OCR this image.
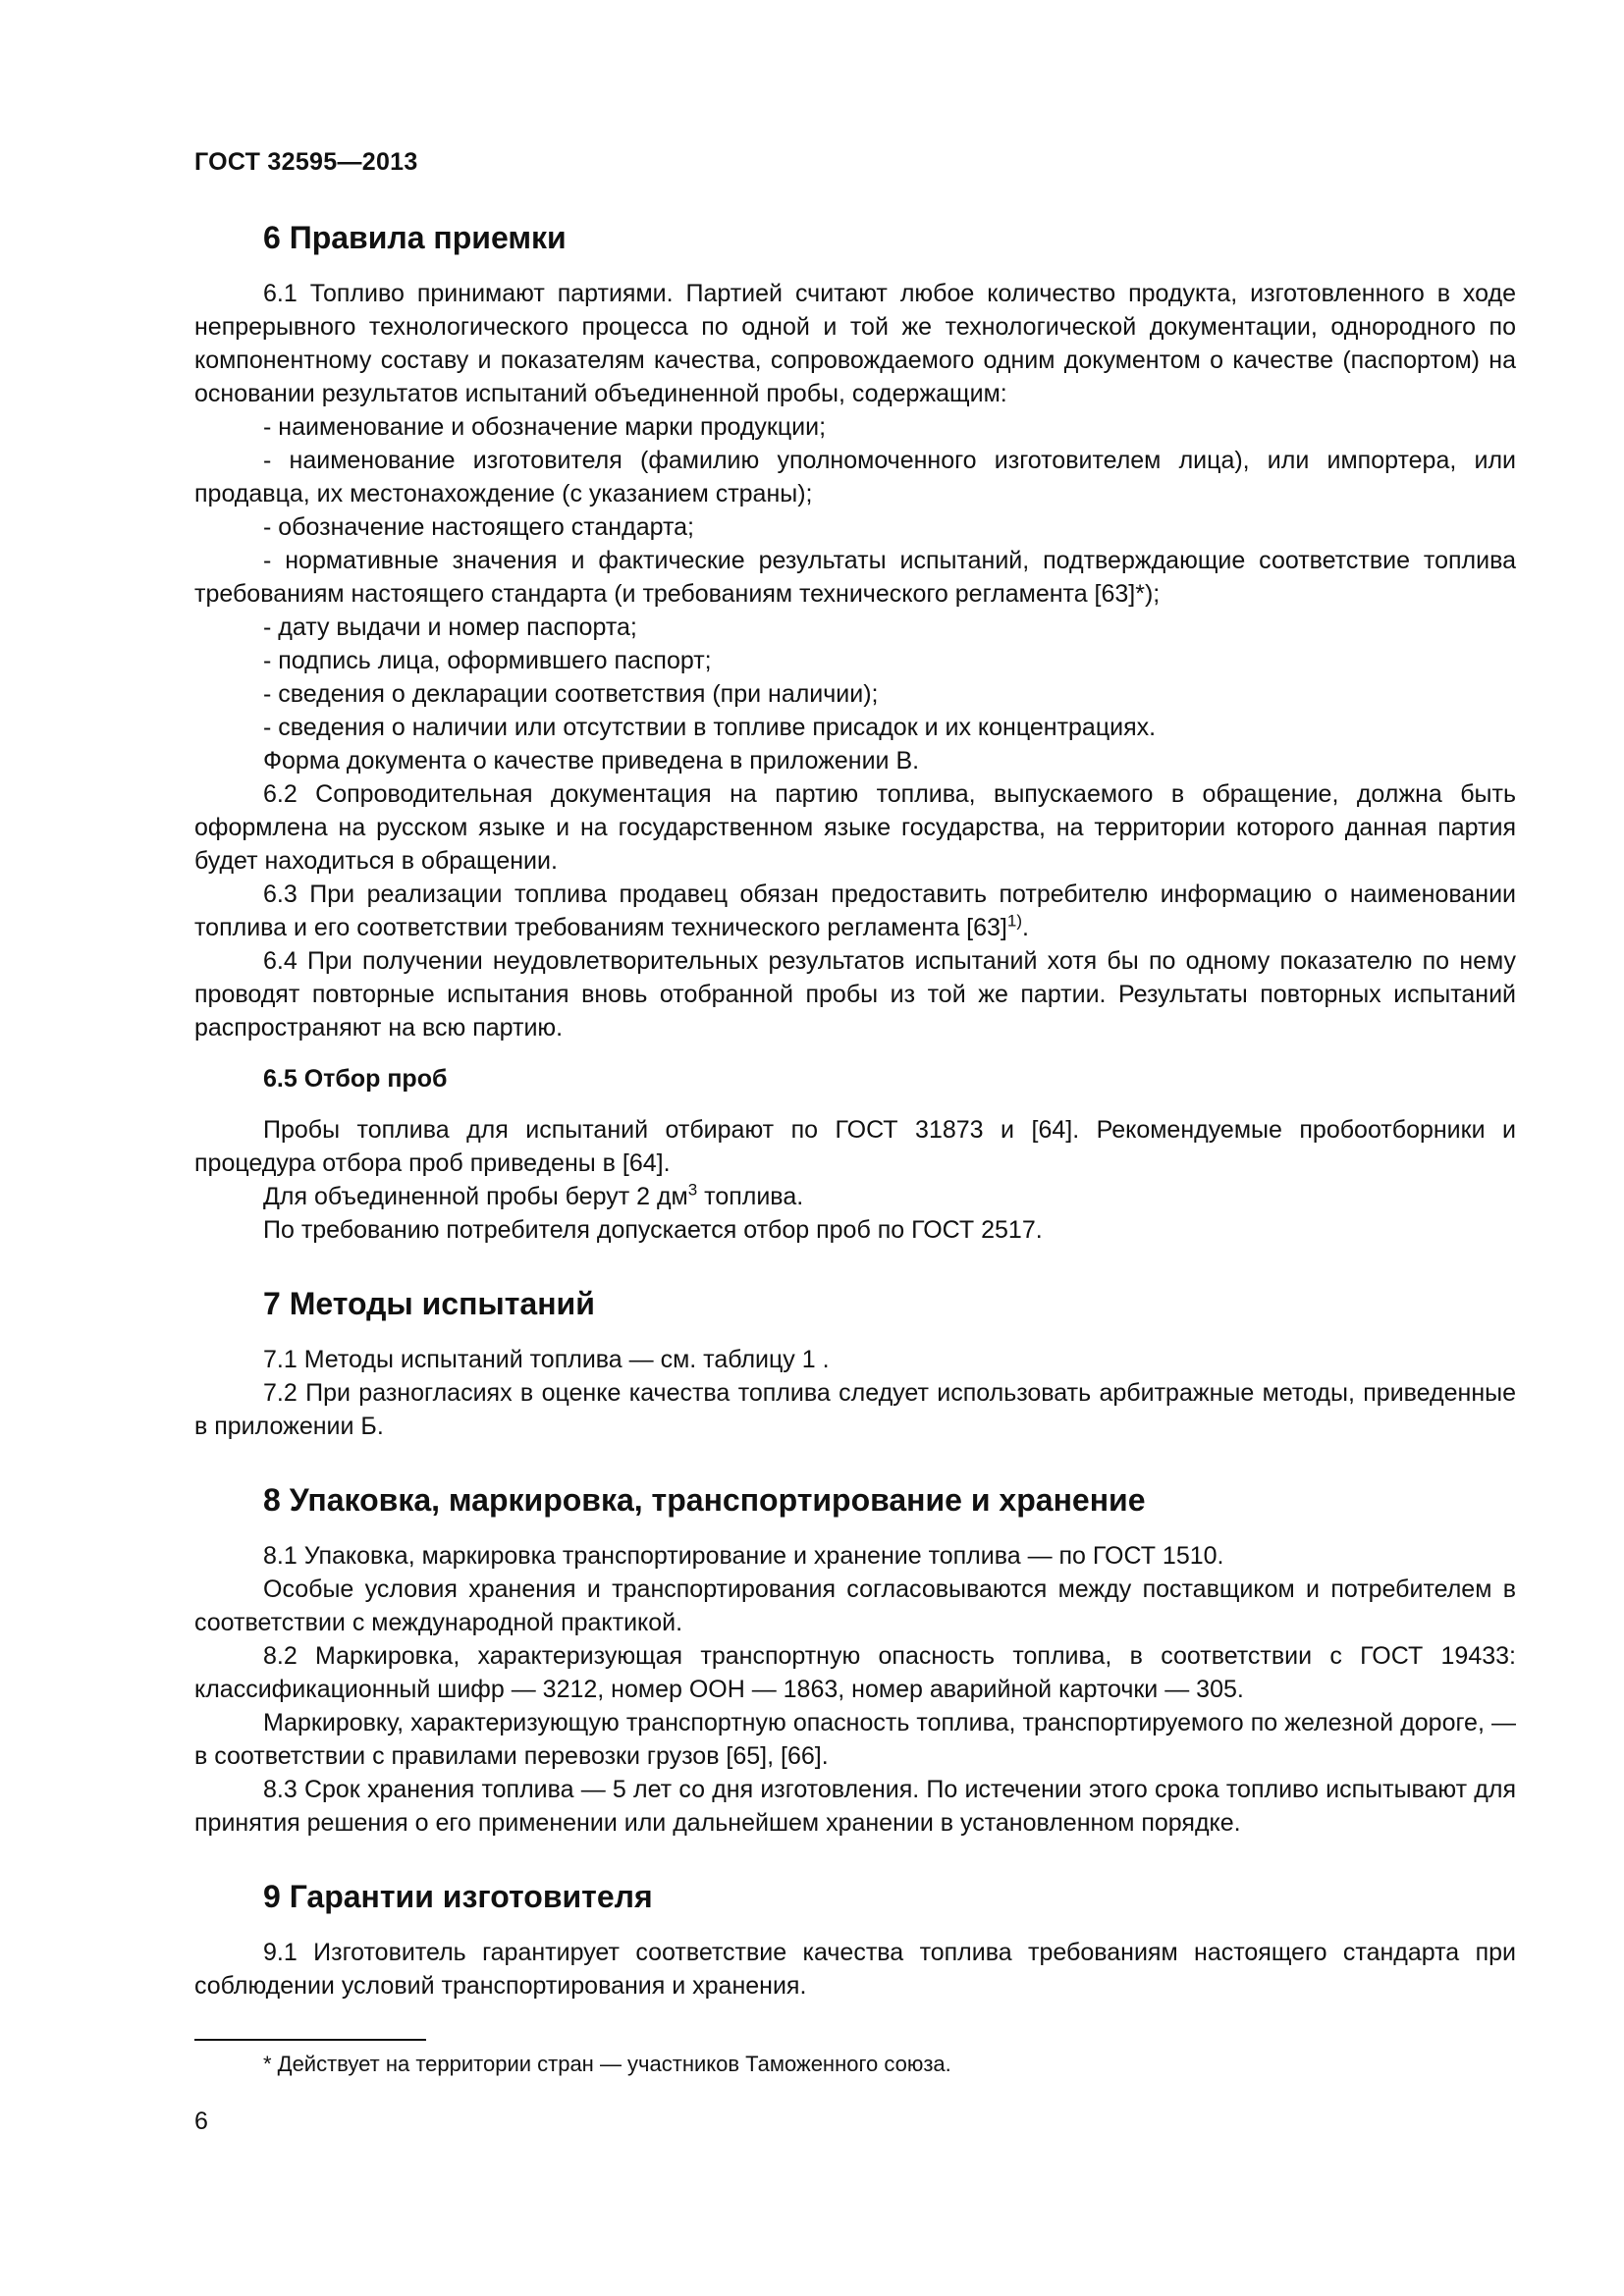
ГОСТ 32595—2013
6 Правила приемки

6.1 Топливо принимают партиями. Партией считают любое количество продукта, изготовленного в ходе непрерывного технологического процесса по одной и той же технологической документации, однородного по компонентному составу и показателям качества, сопровождаемого одним документом о качестве (паспортом) на основании результатов испытаний объединенной пробы, содержащим:

- наименование и обозначение марки продукции;

- наименование изготовителя (фамилию уполномоченного изготовителем лица), или импортера, или продавца, их местонахождение (с указанием страны);

- обозначение настоящего стандарта;

- нормативные значения и фактические результаты испытаний, подтверждающие соответствие топлива требованиям настоящего стандарта (и требованиям технического регламента [63]*);

- дату выдачи и номер паспорта;

- подпись лица, оформившего паспорт;

- сведения о декларации соответствия (при наличии);

- сведения о наличии или отсутствии в топливе присадок и их концентрациях.

Форма документа о качестве приведена в приложении В.

6.2 Сопроводительная документация на партию топлива, выпускаемого в обращение, должна быть оформлена на русском языке и на государственном языке государства, на территории которого данная партия будет находиться в обращении.

6.3 При реализации топлива продавец обязан предоставить потребителю информацию о наименовании топлива и его соответствии требованиям технического регламента $[63]^{1)}$.

6.4 При получении неудовлетворительных результатов испытаний хотя бы по одному показателю по нему проводят повторные испытания вновь отобранной пробы из той же партии. Результаты повторных испытаний распространяют на всю партию.

6.5 Отбор проб

Пробы топлива для испытаний отбирают по ГОСТ 31873 и [64]. Рекомендуемые пробоотборники и процедура отбора проб приведены в [64].

Для объединенной пробы берут 2 $дм^3$ топлива.

По требованию потребителя допускается отбор проб по ГОСТ 2517.

7 Методы испытаний

7.1 Методы испытаний топлива — см. таблицу 1 .

7.2 При разногласиях в оценке качества топлива следует использовать арбитражные методы, приведенные в приложении Б.

8 Упаковка, маркировка, транспортирование и хранение

8.1 Упаковка, маркировка транспортирование и хранение топлива — по ГОСТ 1510.

Особые условия хранения и транспортирования согласовываются между поставщиком и потребителем в соответствии с международной практикой.

8.2 Маркировка, характеризующая транспортную опасность топлива, в соответствии с ГОСТ 19433: классификационный шифр — 3212, номер ООН — 1863, номер аварийной карточки — 305.

Маркировку, характеризующую транспортную опасность топлива, транспортируемого по железной дороге, — в соответствии с правилами перевозки грузов [65], [66].

8.3 Срок хранения топлива — 5 лет со дня изготовления. По истечении этого срока топливо испытывают для принятия решения о его применении или дальнейшем хранении в установленном порядке.

9 Гарантии изготовителя

9.1 Изготовитель гарантирует соответствие качества топлива требованиям настоящего стандарта при соблюдении условий транспортирования и хранения.

* Действует на территории стран — участников Таможенного союза.
6
